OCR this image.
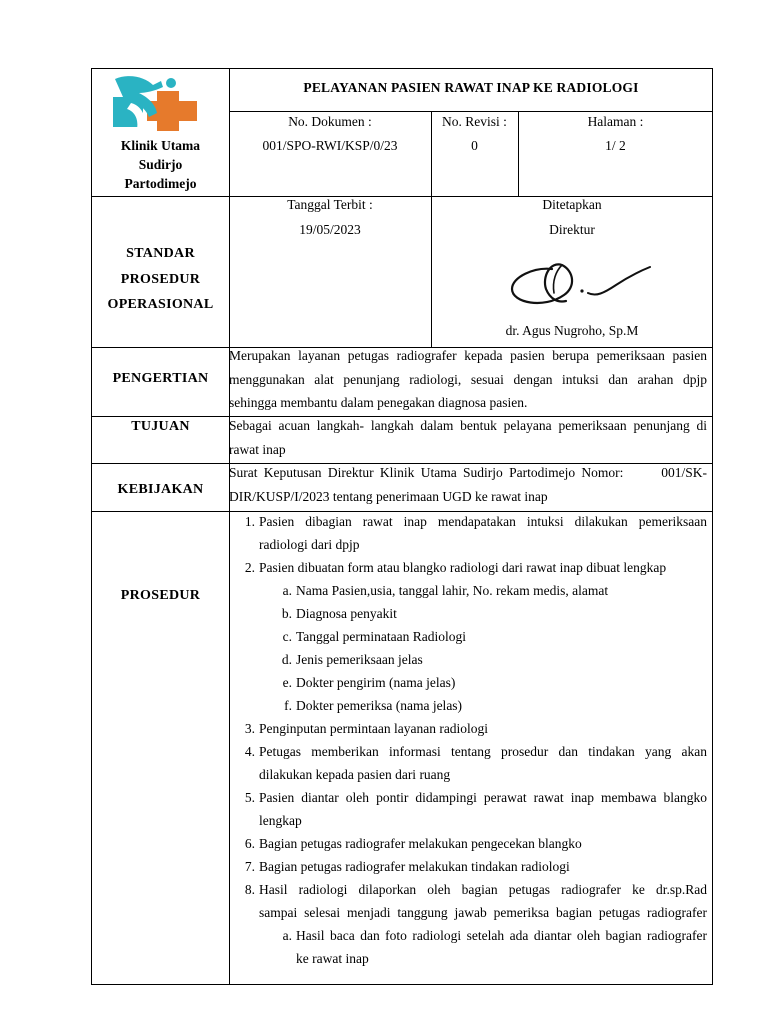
Klinik Utama
Sudirjo
Partodimejo
PELAYANAN PASIEN RAWAT INAP KE RADIOLOGI
No. Dokumen :
001/SPO-RWI/KSP/0/23
No. Revisi :
0
Halaman :
1/ 2
STANDAR
PROSEDUR
OPERASIONAL
Tanggal Terbit :
19/05/2023
Ditetapkan
Direktur
dr. Agus Nugroho, Sp.M
PENGERTIAN
Merupakan layanan petugas radiografer kepada pasien berupa pemeriksaan pasien
menggunakan alat penunjang radiologi, sesuai dengan intuksi dan arahan dpjp
sehingga membantu dalam penegakan diagnosa pasien.
TUJUAN	Sebagai acuan langkah- langkah dalam bentuk pelayana pemeriksaan penunjang di
rawat inap
KEBIJAKAN
Surat Keputusan Direktur Klinik Utama Sudirjo Partodimejo Nomor:      001/SK-
DIR/KUSP/I/2023 tentang penerimaan UGD ke rawat inap
PROSEDUR
1. Pasien dibagian rawat inap mendapatakan intuksi dilakukan pemeriksaan
radiologi dari dpjp
2. Pasien dibuatan form atau blangko radiologi dari rawat inap dibuat lengkap
a. Nama Pasien,usia, tanggal lahir, No. rekam medis, alamat
b. Diagnosa penyakit
c. Tanggal perminataan Radiologi
d. Jenis pemeriksaan jelas
e. Dokter pengirim (nama jelas)
f. Dokter pemeriksa (nama jelas)
3. Penginputan permintaan layanan radiologi
4. Petugas memberikan informasi tentang prosedur dan tindakan yang akan
dilakukan kepada pasien dari ruang
5. Pasien diantar oleh pontir didampingi perawat rawat inap membawa blangko
lengkap
6. Bagian petugas radiografer melakukan pengecekan blangko
7. Bagian petugas radiografer melakukan tindakan radiologi
8. Hasil radiologi dilaporkan oleh bagian petugas radiografer ke dr.sp.Rad
sampai selesai menjadi tanggung jawab pemeriksa bagian petugas radiografer
a. Hasil baca dan foto radiologi setelah ada diantar oleh bagian radiografer
ke rawat inap
